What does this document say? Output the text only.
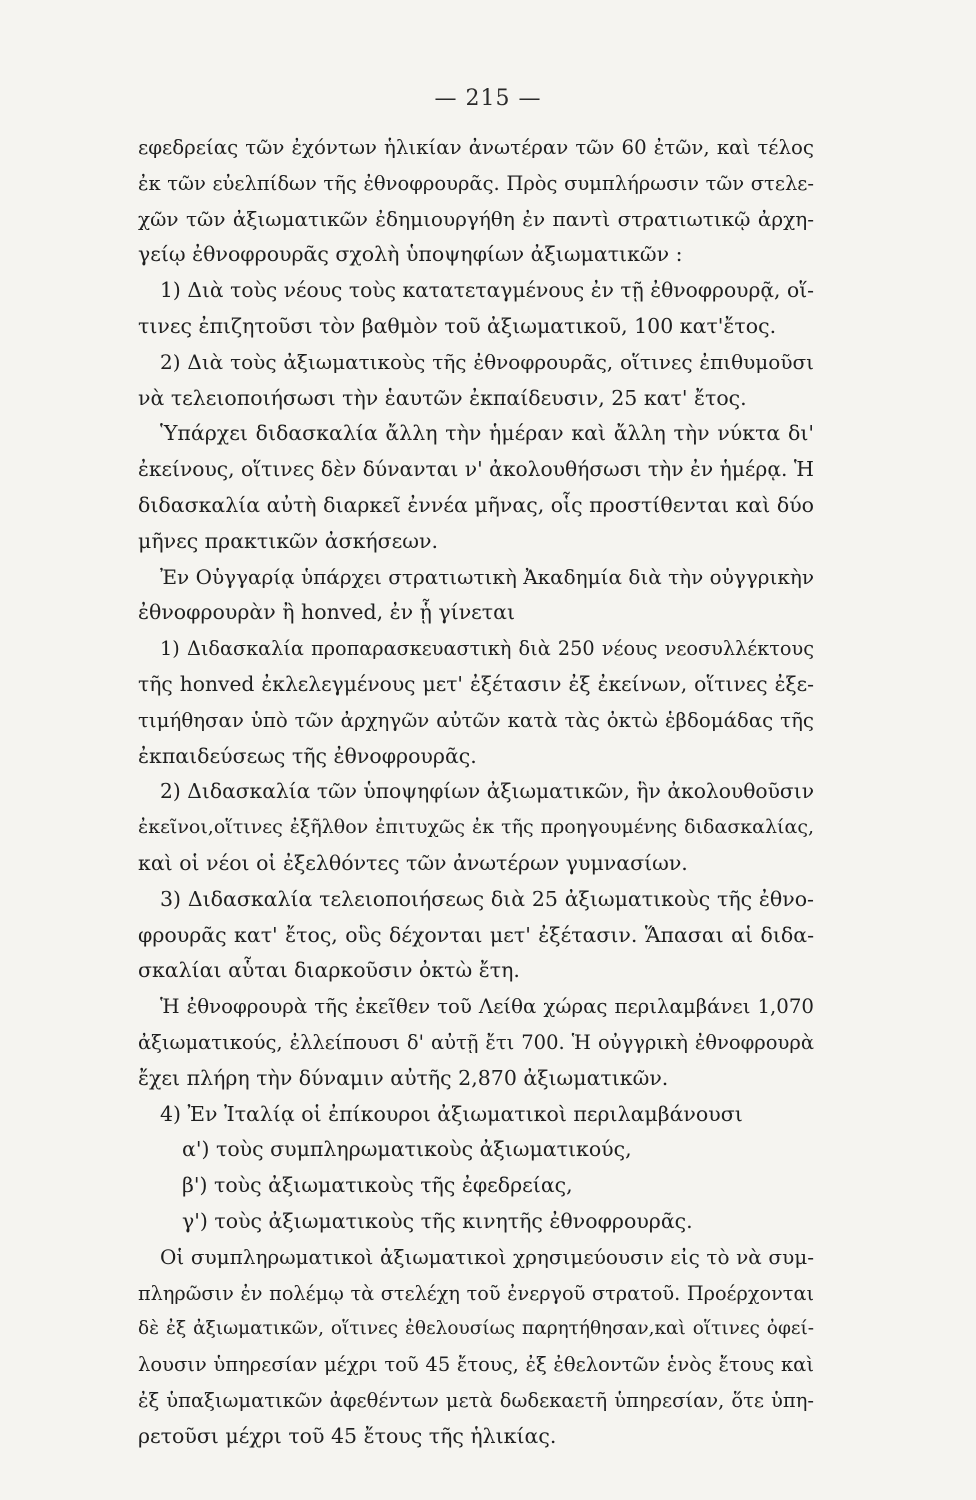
— 215 —
εφεδρείας τῶν ἐχόντων ἡλικίαν ἀνωτέραν τῶν 60 ἐτῶν, καὶ τέλος
ἐκ τῶν εὐελπίδων τῆς ἐθνοφρουρᾶς. Πρὸς συμπλήρωσιν τῶν στελε-
χῶν τῶν ἀξιωματικῶν ἐδημιουργήθη ἐν παντὶ στρατιωτικῷ ἀρχη-
γείῳ ἐθνοφρουρᾶς σχολὴ ὑποψηφίων ἀξιωματικῶν :
1) Διὰ τοὺς νέους τοὺς κατατεταγμένους ἐν τῇ ἐθνοφρουρᾷ, οἵ-
τινες ἐπιζητοῦσι τὸν βαθμὸν τοῦ ἀξιωματικοῦ, 100 κατ'ἔτος.
2) Διὰ τοὺς ἀξιωματικοὺς τῆς ἐθνοφρουρᾶς, οἵτινες ἐπιθυμοῦσι
νὰ τελειοποιήσωσι τὴν ἑαυτῶν ἐκπαίδευσιν, 25 κατ' ἔτος.
Ὑπάρχει διδασκαλία ἄλλη τὴν ἡμέραν καὶ ἄλλη τὴν νύκτα δι'
ἐκείνους, οἵτινες δὲν δύνανται ν' ἀκολουθήσωσι τὴν ἐν ἡμέρᾳ. Ἡ
διδασκαλία αὐτὴ διαρκεῖ ἐννέα μῆνας, οἷς προστίθενται καὶ δύο
μῆνες πρακτικῶν ἀσκήσεων.
Ἐν Οὑγγαρίᾳ ὑπάρχει στρατιωτικὴ Ἀκαδημία διὰ τὴν οὐγγρικὴν
ἐθνοφρουρὰν ἢ honved, ἐν ᾗ γίνεται
1) Διδασκαλία προπαρασκευαστικὴ διὰ 250 νέους νεοσυλλέκτους
τῆς honved ἐκλελεγμένους μετ' ἐξέτασιν ἐξ ἐκείνων, οἵτινες ἐξε-
τιμήθησαν ὑπὸ τῶν ἀρχηγῶν αὐτῶν κατὰ τὰς ὀκτὼ ἑβδομάδας τῆς
ἐκπαιδεύσεως τῆς ἐθνοφρουρᾶς.
2) Διδασκαλία τῶν ὑποψηφίων ἀξιωματικῶν, ἣν ἀκολουθοῦσιν
ἐκεῖνοι,οἵτινες ἐξῆλθον ἐπιτυχῶς ἐκ τῆς προηγουμένης διδασκαλίας,
καὶ οἱ νέοι οἱ ἐξελθόντες τῶν ἀνωτέρων γυμνασίων.
3) Διδασκαλία τελειοποιήσεως διὰ 25 ἀξιωματικοὺς τῆς ἐθνο-
φρουρᾶς κατ' ἔτος, οὓς δέχονται μετ' ἐξέτασιν. Ἅπασαι αἱ διδα-
σκαλίαι αὗται διαρκοῦσιν ὀκτὼ ἔτη.
Ἡ ἐθνοφρουρὰ τῆς ἐκεῖθεν τοῦ Λείθα χώρας περιλαμβάνει 1,070
ἀξιωματικούς, ἐλλείπουσι δ' αὐτῇ ἔτι 700. Ἡ οὐγγρικὴ ἐθνοφρουρὰ
ἔχει πλήρη τὴν δύναμιν αὐτῆς 2,870 ἀξιωματικῶν.
4) Ἐν Ἰταλίᾳ οἱ ἐπίκουροι ἀξιωματικοὶ περιλαμβάνουσι
α') τοὺς συμπληρωματικοὺς ἀξιωματικούς,
β') τοὺς ἀξιωματικοὺς τῆς ἐφεδρείας,
γ') τοὺς ἀξιωματικοὺς τῆς κινητῆς ἐθνοφρουρᾶς.
Οἱ συμπληρωματικοὶ ἀξιωματικοὶ χρησιμεύουσιν εἰς τὸ νὰ συμ-
πληρῶσιν ἐν πολέμῳ τὰ στελέχη τοῦ ἐνεργοῦ στρατοῦ. Προέρχονται
δὲ ἐξ ἀξιωματικῶν, οἵτινες ἐθελουσίως παρητήθησαν,καὶ οἵτινες ὀφεί-
λουσιν ὑπηρεσίαν μέχρι τοῦ 45 ἔτους, ἐξ ἐθελοντῶν ἑνὸς ἔτους καὶ
ἐξ ὑπαξιωματικῶν ἀφεθέντων μετὰ δωδεκαετῆ ὑπηρεσίαν, ὅτε ὑπη-
ρετοῦσι μέχρι τοῦ 45 ἔτους τῆς ἡλικίας.
